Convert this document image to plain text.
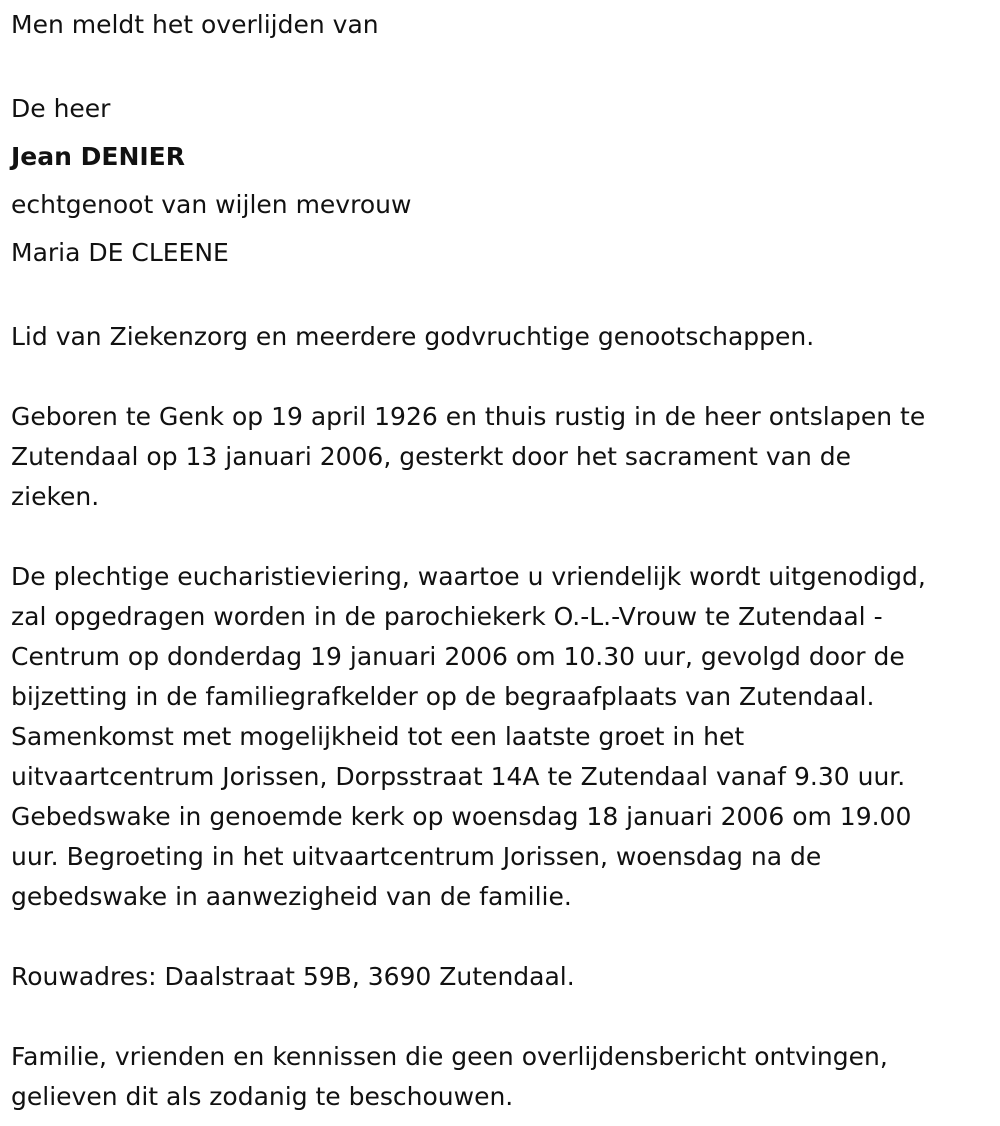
Men meldt het overlijden van
De heer
Jean DENIER
echtgenoot van wijlen mevrouw
Maria DE CLEENE
Lid van Ziekenzorg en meerdere godvruchtige genootschappen.
Geboren te Genk op 19 april 1926 en thuis rustig in de heer ontslapen te
Zutendaal op 13 januari 2006, gesterkt door het sacrament van de
zieken.
De plechtige eucharistieviering, waartoe u vriendelijk wordt uitgenodigd,
zal opgedragen worden in de parochiekerk O.-L.-Vrouw te Zutendaal -
Centrum op donderdag 19 januari 2006 om 10.30 uur, gevolgd door de
bijzetting in de familiegrafkelder op de begraafplaats van Zutendaal.
Samenkomst met mogelijkheid tot een laatste groet in het
uitvaartcentrum Jorissen, Dorpsstraat 14A te Zutendaal vanaf 9.30 uur.
Gebedswake in genoemde kerk op woensdag 18 januari 2006 om 19.00
uur. Begroeting in het uitvaartcentrum Jorissen, woensdag na de
gebedswake in aanwezigheid van de familie.
Rouwadres: Daalstraat 59B, 3690 Zutendaal.
Familie, vrienden en kennissen die geen overlijdensbericht ontvingen,
gelieven dit als zodanig te beschouwen.
